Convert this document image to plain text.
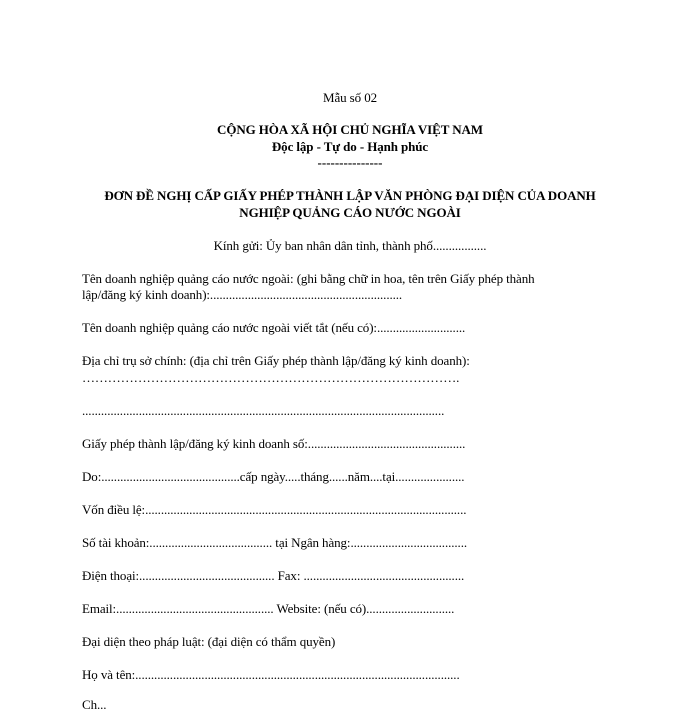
Mẫu số 02
CỘNG HÒA XÃ HỘI CHỦ NGHĨA VIỆT NAM
Độc lập - Tự do - Hạnh phúc
---------------
ĐƠN ĐỀ NGHỊ CẤP GIẤY PHÉP THÀNH LẬP VĂN PHÒNG ĐẠI DIỆN CỦA DOANH
NGHIỆP QUẢNG CÁO NƯỚC NGOÀI
Kính gửi: Ủy ban nhân dân tỉnh, thành phố.................
Tên doanh nghiệp quảng cáo nước ngoài: (ghi bằng chữ in hoa, tên trên Giấy phép thành
lập/đăng ký kinh doanh):.............................................................
Tên doanh nghiệp quảng cáo nước ngoài viết tắt (nếu có):............................
Địa chỉ trụ sở chính: (địa chỉ trên Giấy phép thành lập/đăng ký kinh doanh):
…………………………………………………………………………….
...................................................................................................................
Giấy phép thành lập/đăng ký kinh doanh số:..................................................
Do:............................................cấp ngày.....tháng......năm....tại......................
Vốn điều lệ:......................................................................................................
Số tài khoản:....................................... tại Ngân hàng:.....................................
Điện thoại:........................................... Fax: ...................................................
Email:.................................................. Website: (nếu có)............................
Đại diện theo pháp luật: (đại diện có thẩm quyền)
Họ và tên:.......................................................................................................
Ch...
